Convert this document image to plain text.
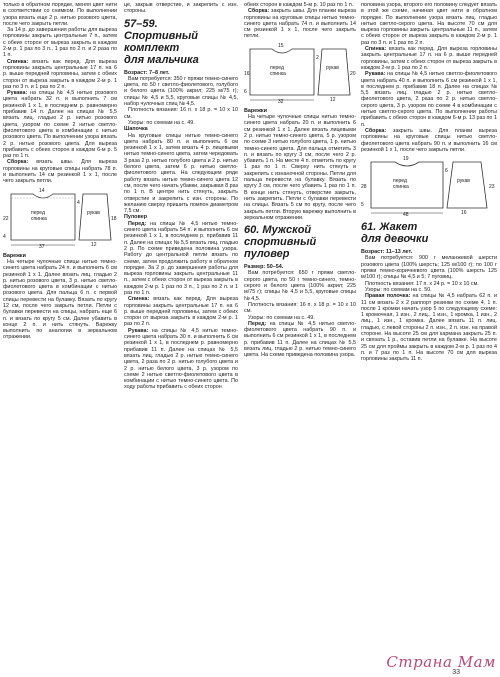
только в обратном порядке, меняя цвет нити в соответствии со снимком. По выполнении узора вязать еще 2 р. нитью розового цвета, после чего закрыть петли.

За 14 р. до завершения работы для выреза горловины закрыть центральные 7 п., затем с обеих сторон от выреза закрыть в каждом 2-м р. 1 раз по 3 п., 1 раз по 2 п. и 2 раза по 1 п.

Спинка: вязать как перед. Для выреза горловины закрыть центральные 17 п. на 6 р. выше передней горловины, затем с обеих сторон от выреза закрыть в каждом 2-м р. 1 раз по 3 п. и 1 раз по 2 п.

Рукава: на спицы № 4,5 нитью розового цвета набрать 32 п. и выполнить 7 см резинкой 1 х 1, в последнем р. равномерно прибавив 14 п. Далее на спицах № 5,5 вязать лиц. гладью 2 р. нитью розового цвета, узором по схеме 2 нитью светло-фиолетового цвета в комбинации с нитью розового цвета. По выполнении узора вязать 2 р. нитью розового цвета. Для выреза прибавить с обеих сторон в каждом 6-м р. 5 раз по 1 п.

Сборка: вязать швы. Для выреза горловины на круговые спицы набрать 78 п. и выполнить 14 см резинкой 1 х 1, после чего закрыть петли.

перед
спинка
рукав
14
22
37
4
18
12
4

Варежки

На четыре чулочные спицы нитью темно-синего цвета набрать 24 п. и выполнить 6 см резинкой 1 х 1. Далее вязать лиц. гладью 2 р. нитью розового цвета, 3 р. нитью светло-фиолетового цвета в комбинации с нитью розового цвета. Для пальца 6 п. с первой спицы перевести на булавку. Вязать по кругу 12 см, после чего закрыть петли. Петли с булавки перевести на спицы, набрать еще 6 п. и вязать по кругу 5 см. Далее убавить в конце 2 п. и нить стянуть. Варежку выполнить по аналогии в зеркальном отражении.

це, закрыв отверстие, и закрепить с изн. стороны.

57–59.
Спортивный
комплект
для мальчика

Возраст: 7–8 лет.

Вам потребуется: 350 г пряжи темно-синего цвета, по 50 г светло-фиолетового, голубого и белого цвета (100% акрил; 225 м/75 г); спицы № 4,5 и 5,5, круговые спицы № 4,5, набор чулочных спиц № 4,5.

Плотность вязания: 16 п. х 18 р. = 10 х 10 см.

Узоры: по схемам на с. 49.

Шапочка

На круговые спицы нитью темно-синего цвета набрать 80 п. и выполнить 6 см резинкой 1 х 1, затем вязать 4 р. лицевыми нитью темно-синего цвета, затем чередовать 3 раза 2 р. нитью голубого цвета и 2 р. нитью белого цвета, затем 6 р. нитью светло-фиолетового цвета. На следующем ряде работу вязать нитью темно-синего цвета 12 см, после чего начать убавки, закрывая 8 раз по 1 п. В центре нить стянуть, закрыть отверстие и закрепить с изн. стороны. По желанию сверху пришить помпон диаметром 7,5 см.

Пуловер

Перед: на спицы № 4,5 нитью темно-синего цвета набрать 54 п. и выполнить 6 см резинкой 1 х 1, в последнем р. прибавив 11 п. Далее на спицах № 5,5 вязать лиц. гладью 2 р. По схеме приведена половина узора. Работу до центральной петли вязать по схеме, затем продолжить работу в обратном порядке. За 2 р. до завершения работы для выреза горловины закрыть центральные 11 п., затем с обеих сторон от выреза закрыть в каждом 2-м р. 1 раз по 3 п., 1 раз по 2 п. и 1 раз по 1 п.

Спинка: вязать как перед. Для выреза горловины закрыть центральные 17 п. на 6 р. выше передней горловины, затем с обеих сторон от выреза закрыть в каждом 2-м р. 1 раз по 2 п.

Рукава: на спицы № 4,5 нитью темно-синего цвета набрать 30 п. и выполнить 6 см резинкой 1 х 1, в последнем р. равномерно прибавив 11 п. Далее на спицах № 5,5 вязать лиц. гладью 2 р. нитью темно-синего цвета, 2 раза по 2 р. нитью голубого цвета и 2 р. нитью белого цвета, 3 р. узором по схеме 2 нитью светло-фиолетового цвета в комбинации с нитью темно-синего цвета. По ходу работы прибавить с обеих сторон

обеих сторон в каждом 5-м р. 10 раз по 1 п.

Сборка: закрыть швы. Для планки выреза горловины на круговые спицы нитью темно-синего цвета набрать 74 п. и выполнить 14 см резинкой 1 х 1, после чего закрыть петли.

перед
спинка
рукав
15
16
32
2
20
12
6

Варежки

На четыре чулочные спицы нитью темно-синего цвета набрать 20 п. и выполнить 6 см резинкой 1 х 1. Далее вязать лицевыми 2 р. нитью темно-синего цвета, 5 р. узором по схеме 3 нитью голубого цвета, 1 р. нитью темно-синего цвета. Для пальца отметить 3 п. и вязать по кругу 3 см, после чего 2 р. убавить 1 п. На месте 4 п. отметить по кругу 1 раз по 1 п. Сверху нить стянуть и закрепить с изнаночной стороны. Петли для пальца перевести на булавку. Вязать по кругу 3 см, после чего убавить 1 раз по 1 п. В конце нить стянуть, отверстие закрыть, нить закрепить. Петли с булавки перевести на спицы. Вязать 5 см по кругу, после чего закрыть петли. Вторую варежку выполнить в зеркальном отражении.

60. Мужской
спортивный
пуловер

Размер: 50–54.

Вам потребуется: 650 г пряжи светло-серого цвета, по 50 г темно-синего, темно-серого и белого цвета (100% акрил; 225 м/75 г); спицы № 4,5 и 5,5, круговые спицы № 4,5.

Плотность вязания: 16 п. х 18 р. = 10 х 10 см.

Узоры: по схемам на с. 49.

Перед: на спицы № 4,5 нитью светло-фиолетового цвета набрать 90 п. и выполнить 6 см резинкой 1 х 1, в последнем р. прибавив 11 п. Далее на спицах № 5,5 вязать лиц. гладью 2 р. нитью темно-синего цвета. На схеме приведена половина узора.

половина узора, второго его половину следует вязать в этой же схеме, начиная цвет нити в обратном порядке. По выполнении узора вязать лиц. гладью нитью светло-серого цвета. На высоте 70 см для выреза горловины закрыть центральные 11 п., затем с обеих сторон от выреза закрыть в каждом 2-м р. 1 раз по 3 п. и 1 раз по 2 п.

Спинка: вязать как перед. Для выреза горловины закрыть центральные 17 п. на 6 р. выше передней горловины, затем с обеих сторон от выреза закрыть в каждом 2-м р. 1 раз по 2 п.

Рукава: на спицы № 4,5 нитью светло-фиолетового цвета набрать 40 п. и выполнить 6 см резинкой 1 х 1, в последнем р. прибавив 18 п. Далее на спицах № 5,5 вязать лиц. гладью 2 р. нитью светло-фиолетового цвета, 2 раза по 2 р. нитью светло-серого цвета, 3 р. узором по схеме 4 в комбинации с нитью светло-серого цвета. По выполнении работы прибавить с обеих сторон в каждом 6-м р. 13 раз по 1 п.

Сборка: закрыть швы. Для планки выреза горловины на круговые спицы нитью светло-фиолетового цвета набрать 90 п. и выполнить 16 см резинкой 1 х 1, после чего закрыть петли.

перед
спинка
рукав
19
28
48
6
23
16
5
61. Жакет
для девочки

Возраст: 11–13 лет.

Вам потребуется: 900 г меланжевой шерсти розового цвета (100% шерсть; 125 м/100 г); по 100 г пряжи темно-коричневого цвета (100% шерсть 125 м/100 г); спицы № 4,5 и 5; 7 пуговиц.

Плотность вязания: 17 п. х 24 р. = 10 х 10 см.

Узоры: по схемам на с. 50.

Правая полочка: на спицы № 4,5 набрать 62 п. и 11 см вязать 2 х 2 раппорт резинки по схеме 4, 1 п. после 1 кромки начать узор 5 по следующему схеме: 1 кромочная, 1 изн., 2 лиц., 1 изн., 1 кромка, 1 изн., 2 лиц., 1 изн., 1 кромка. Далее вязать 11 п. лиц. гладью, с левой стороны 2 п. изн., 2 п. изн. на правой стороне. На высоте 25 см для кармана закрыть 25 п. и связать 1 р., оставив петли на булавке. На высоте 25 см для проймы закрыть в каждом 2-м р. 1 раз по 4 п. и 7 раз по 1 п. На высоте 70 см для выреза горловины закрыть 11 п.

33
Страна Мам
